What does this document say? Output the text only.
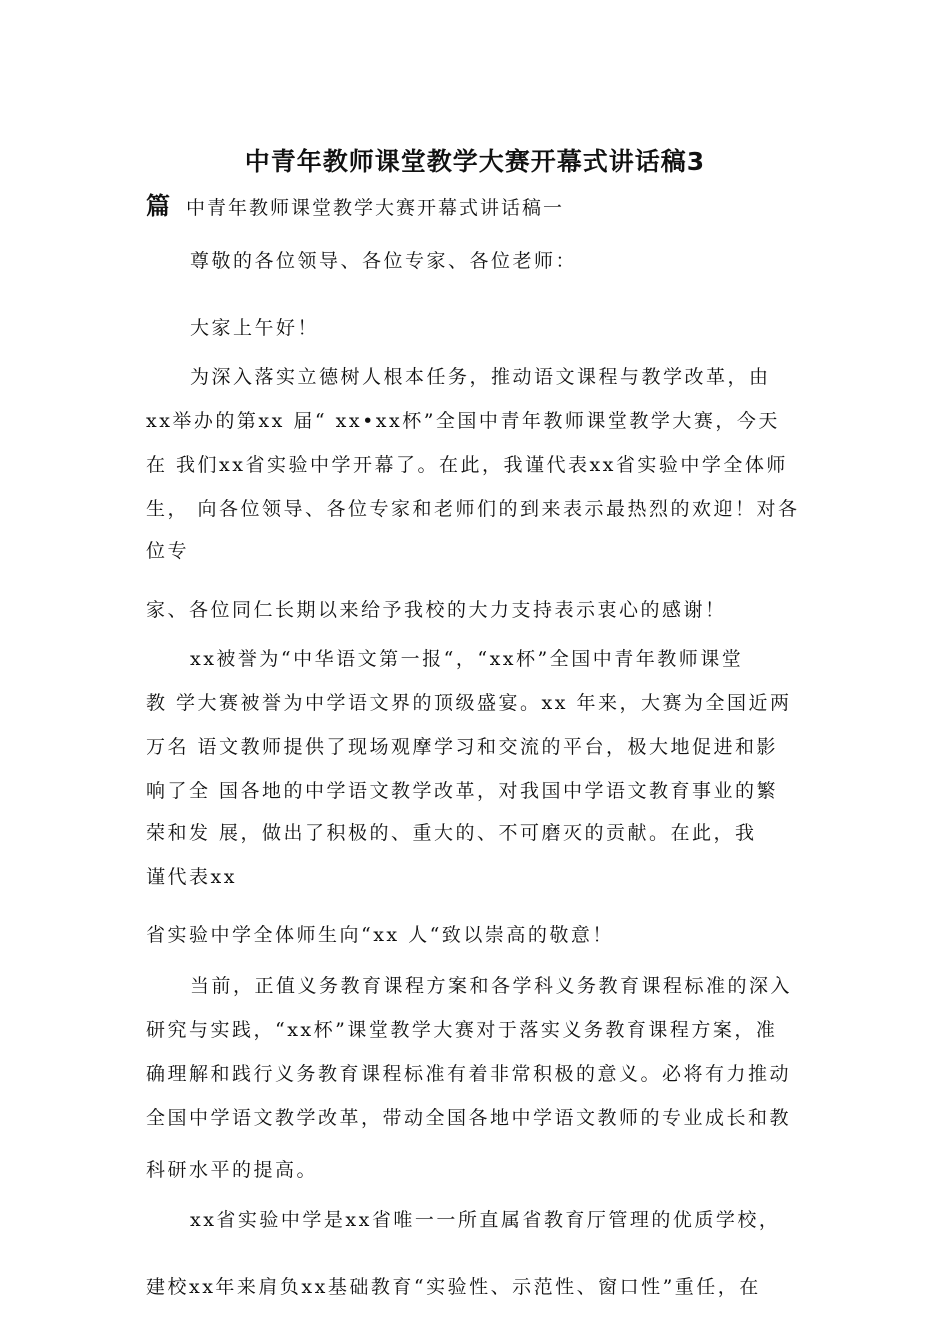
中青年教师课堂教学大赛开幕式讲话稿3
篇 中青年教师课堂教学大赛开幕式讲话稿一
尊敬的各位领导、各位专家、各位老师：
大家上午好！
为深入落实立德树人根本任务，推动语文课程与教学改革，由
xx举办的第xx 届“ xx•xx杯”全国中青年教师课堂教学大赛，今天
在 我们xx省实验中学开幕了。在此，我谨代表xx省实验中学全体师
生， 向各位领导、各位专家和老师们的到来表示最热烈的欢迎！对各
位专
家、各位同仁长期以来给予我校的大力支持表示衷心的感谢！
xx被誉为“中华语文第一报“，“xx杯”全国中青年教师课堂
教 学大赛被誉为中学语文界的顶级盛宴。xx 年来，大赛为全国近两
万名 语文教师提供了现场观摩学习和交流的平台，极大地促进和影
响了全 国各地的中学语文教学改革，对我国中学语文教育事业的繁
荣和发 展，做出了积极的、重大的、不可磨灭的贡献。在此，我
谨代表xx
省实验中学全体师生向“xx 人“致以崇高的敬意！
当前，正值义务教育课程方案和各学科义务教育课程标准的深入
研究与实践，“xx杯”课堂教学大赛对于落实义务教育课程方案，准
确理解和践行义务教育课程标准有着非常积极的意义。必将有力推动
全国中学语文教学改革，带动全国各地中学语文教师的专业成长和教
科研水平的提高。
xx省实验中学是xx省唯一一所直属省教育厅管理的优质学校，
建校xx年来肩负xx基础教育“实验性、示范性、窗口性”重任，在
